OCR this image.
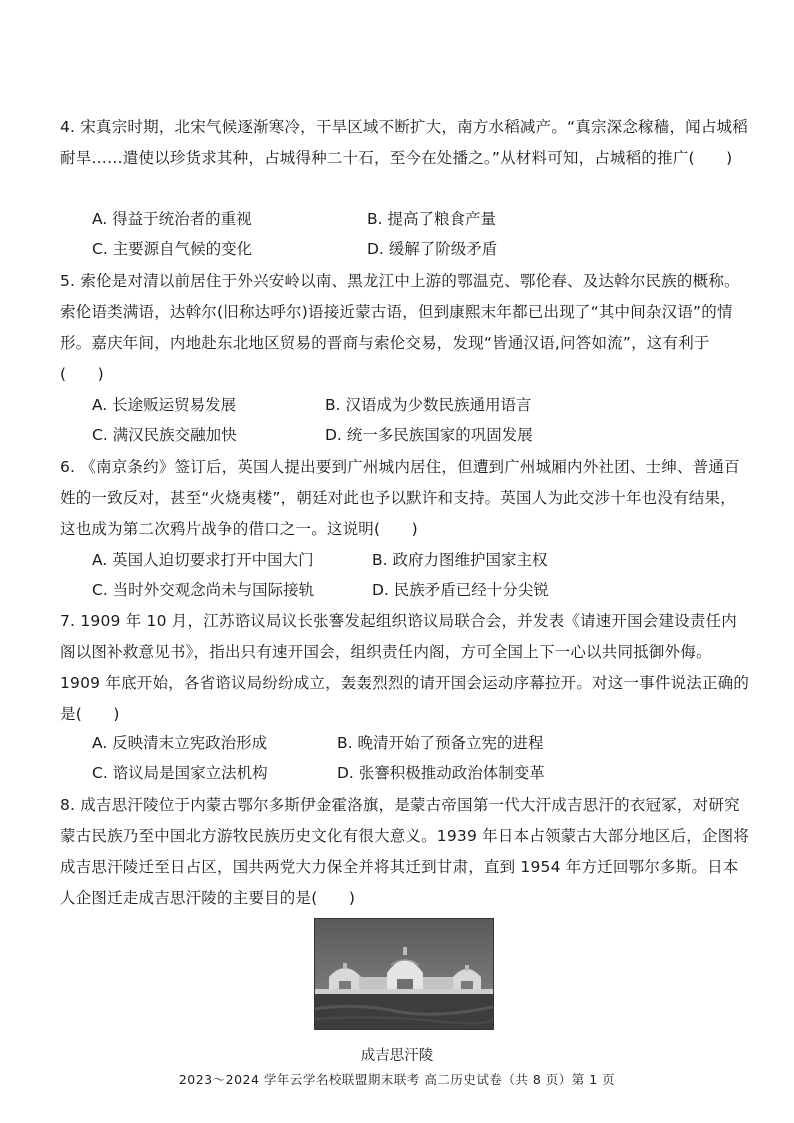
4. 宋真宗时期，北宋气候逐渐寒冷，干旱区域不断扩大，南方水稻减产。“真宗深念稼穑，闻占城稻耐旱……遣使以珍货求其种，占城得种二十石，至今在处播之。”从材料可知，占城稻的推广(　　)

A. 得益于统治者的重视	B. 提高了粮食产量
C. 主要源自气候的变化	D. 缓解了阶级矛盾

5. 索伦是对清以前居住于外兴安岭以南、黑龙江中上游的鄂温克、鄂伦春、及达斡尔民族的概称。索伦语类满语，达斡尔(旧称达呼尔)语接近蒙古语，但到康熙末年都已出现了“其中间杂汉语”的情形。嘉庆年间，内地赴东北地区贸易的晋商与索伦交易，发现“皆通汉语,问答如流”，这有利于(　　)

A. 长途贩运贸易发展	B. 汉语成为少数民族通用语言
C. 满汉民族交融加快	D. 统一多民族国家的巩固发展

6. 《南京条约》签订后，英国人提出要到广州城内居住，但遭到广州城厢内外社团、士绅、普通百姓的一致反对，甚至“火烧夷楼”，朝廷对此也予以默许和支持。英国人为此交涉十年也没有结果，这也成为第二次鸦片战争的借口之一。这说明(　　)

A. 英国人迫切要求打开中国大门	B. 政府力图维护国家主权
C. 当时外交观念尚未与国际接轨	D. 民族矛盾已经十分尖锐

7. 1909 年 10 月，江苏谘议局议长张謇发起组织谘议局联合会，并发表《请速开国会建设责任内阁以图补救意见书》，指出只有速开国会，组织责任内阁，方可全国上下一心以共同抵御外侮。1909 年底开始，各省谘议局纷纷成立，轰轰烈烈的请开国会运动序幕拉开。对这一事件说法正确的是(　　)

A. 反映清末立宪政治形成	B. 晚清开始了预备立宪的进程
C. 谘议局是国家立法机构	D. 张謇积极推动政治体制变革

8. 成吉思汗陵位于内蒙古鄂尔多斯伊金霍洛旗，是蒙古帝国第一代大汗成吉思汗的衣冠冢，对研究蒙古民族乃至中国北方游牧民族历史文化有很大意义。1939 年日本占领蒙古大部分地区后，企图将成吉思汗陵迁至日占区，国共两党大力保全并将其迁到甘肃，直到 1954 年方迁回鄂尔多斯。日本人企图迁走成吉思汗陵的主要目的是(　　)

成吉思汗陵
2023～2024 学年云学名校联盟期末联考 高二历史试卷（共 8 页）第 1 页
